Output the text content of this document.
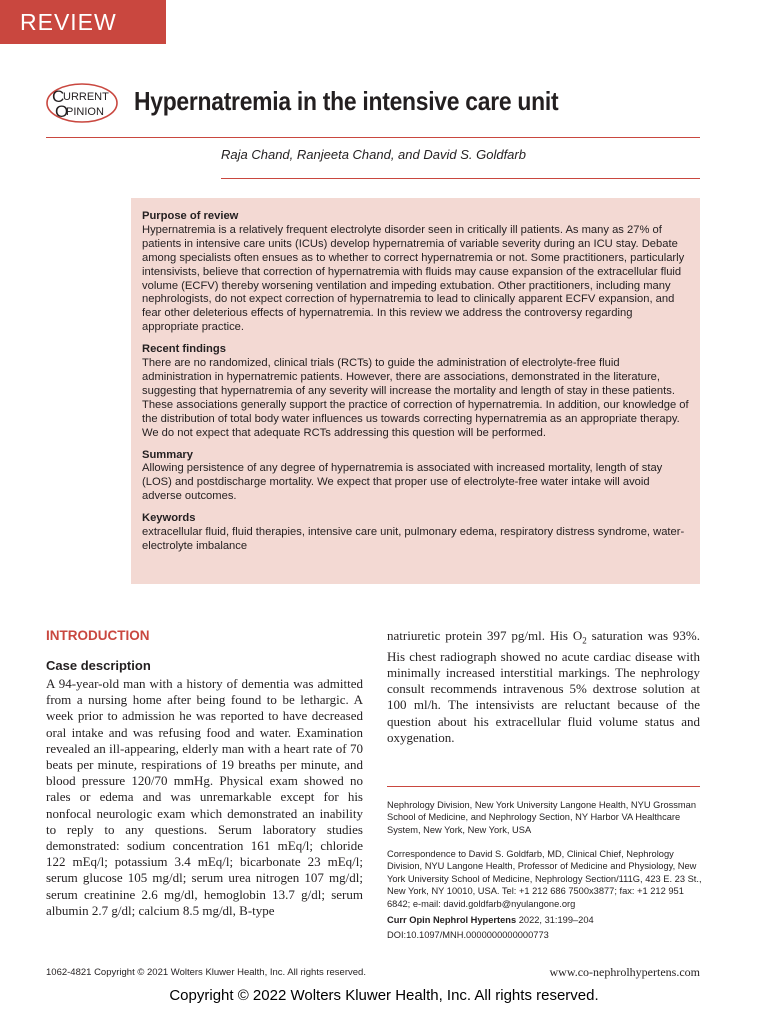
REVIEW
C
URRENT
O
PINION Hypernatremia in the intensive care unit
Raja Chand, Ranjeeta Chand, and David S. Goldfarb
Purpose of review

Hypernatremia is a relatively frequent electrolyte disorder seen in critically ill patients. As many as 27% of patients in intensive care units (ICUs) develop hypernatremia of variable severity during an ICU stay. Debate among specialists often ensues as to whether to correct hypernatremia or not. Some practitioners, particularly intensivists, believe that correction of hypernatremia with fluids may cause expansion of the extracellular fluid volume (ECFV) thereby worsening ventilation and impeding extubation. Other practitioners, including many nephrologists, do not expect correction of hypernatremia to lead to clinically apparent ECFV expansion, and fear other deleterious effects of hypernatremia. In this review we address the controversy regarding appropriate practice.

Recent findings

There are no randomized, clinical trials (RCTs) to guide the administration of electrolyte-free fluid administration in hypernatremic patients. However, there are associations, demonstrated in the literature, suggesting that hypernatremia of any severity will increase the mortality and length of stay in these patients. These associations generally support the practice of correction of hypernatremia. In addition, our knowledge of the distribution of total body water influences us towards correcting hypernatremia as an appropriate therapy. We do not expect that adequate RCTs addressing this question will be performed.

Summary

Allowing persistence of any degree of hypernatremia is associated with increased mortality, length of stay (LOS) and postdischarge mortality. We expect that proper use of electrolyte-free water intake will avoid adverse outcomes.

Keywords

extracellular fluid, fluid therapies, intensive care unit, pulmonary edema, respiratory distress syndrome, water-electrolyte imbalance

INTRODUCTION
Case description
A 94-year-old man with a history of dementia was admitted from a nursing home after being found to be lethargic. A week prior to admission he was reported to have decreased oral intake and was refusing food and water. Examination revealed an ill-appearing, elderly man with a heart rate of 70 beats per minute, respirations of 19 breaths per minute, and blood pressure 120/70 mmHg. Physical exam showed no rales or edema and was unremarkable except for his nonfocal neurologic exam which demonstrated an inability to reply to any questions. Serum laboratory studies demonstrated: sodium concentration 161 mEq/l; chloride 122 mEq/l; potassium 3.4 mEq/l; bicarbonate 23 mEq/l; serum glucose 105 mg/dl; serum urea nitrogen 107 mg/dl; serum creatinine 2.6 mg/dl, hemoglobin 13.7 g/dl; serum albumin 2.7 g/dl; calcium 8.5 mg/dl, B-type
natriuretic protein 397 pg/ml. His $O_2$ saturation was 93%. His chest radiograph showed no acute cardiac disease with minimally increased interstitial markings. The nephrology consult recommends intravenous 5% dextrose solution at 100 ml/h. The intensivists are reluctant because of the question about his extracellular fluid volume status and oxygenation.
Nephrology Division, New York University Langone Health, NYU Grossman School of Medicine, and Nephrology Section, NY Harbor VA Healthcare System, New York, New York, USA
Correspondence to David S. Goldfarb, MD, Clinical Chief, Nephrology Division, NYU Langone Health, Professor of Medicine and Physiology, New York University School of Medicine, Nephrology Section/111G, 423 E. 23 St., New York, NY 10010, USA. Tel: +1 212 686 7500x3877; fax: +1 212 951 6842; e-mail: david.goldfarb@nyulangone.org
Curr Opin Nephrol Hypertens 2022, 31:199–204
DOI:10.1097/MNH.0000000000000773
1062-4821 Copyright © 2021 Wolters Kluwer Health, Inc. All rights reserved.	www.co-nephrolhypertens.com
Copyright © 2022 Wolters Kluwer Health, Inc. All rights reserved.
